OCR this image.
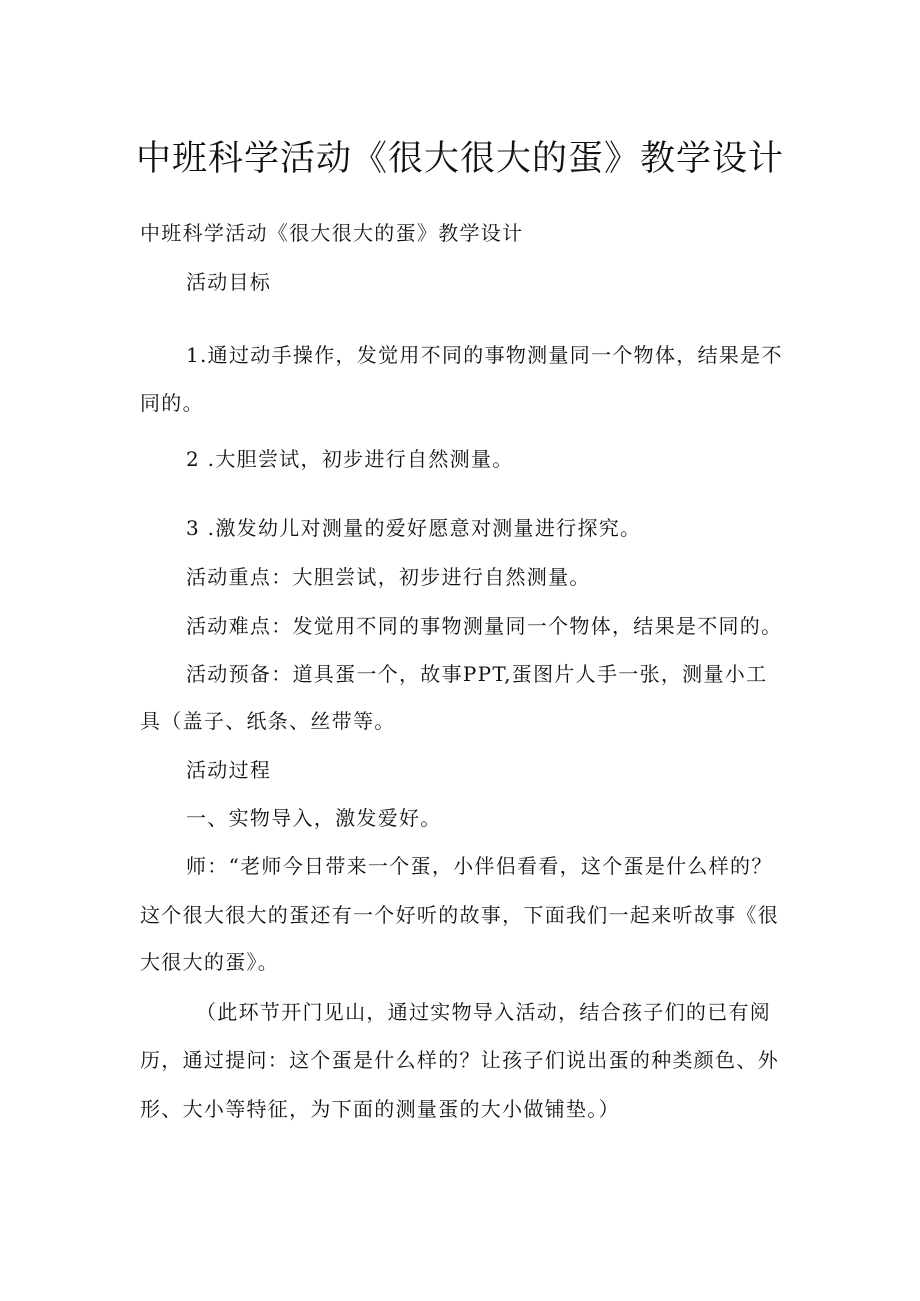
中班科学活动《很大很大的蛋》教学设计
中班科学活动《很大很大的蛋》教学设计
活动目标
1.通过动手操作，发觉用不同的事物测量同一个物体，结果是不
同的。
2 .大胆尝试，初步进行自然测量。
3 .激发幼儿对测量的爱好愿意对测量进行探究。
活动重点：大胆尝试，初步进行自然测量。
活动难点：发觉用不同的事物测量同一个物体，结果是不同的。
活动预备：道具蛋一个，故事PPT,蛋图片人手一张，测量小工
具（盖子、纸条、丝带等。
活动过程
一、实物导入，激发爱好。
师：“老师今日带来一个蛋，小伴侣看看，这个蛋是什么样的？
这个很大很大的蛋还有一个好听的故事，下面我们一起来听故事《很
大很大的蛋》。
（此环节开门见山，通过实物导入活动，结合孩子们的已有阅
历，通过提问：这个蛋是什么样的？让孩子们说出蛋的种类颜色、外
形、大小等特征，为下面的测量蛋的大小做铺垫。）
